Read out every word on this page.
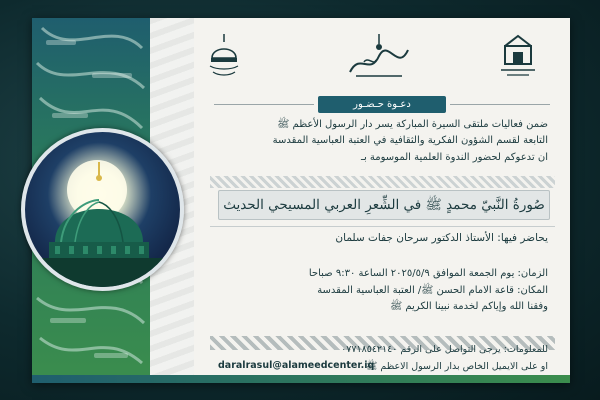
دعـوة حـضـور
ضمن فعاليات ملتقى السيرة المباركة يسر دار الرسول الأعظم ﷺ
التابعة لقسم الشؤون الفكرية والثقافية في العتبة العباسية المقدسة
ان تدعوكم لحضور الندوة العلمية الموسومة بـ
صُورةُ النَّبيّ محمدٍ ﷺ في الشِّعرِ العربي المسيحي الحديث
يحاضر فيها: الأستاذ الدكتور سرحان جفات سلمان
الزمان: يوم الجمعة الموافق ٢٠٢٥/٥/٩ الساعة ٩:٣٠ صباحا
المكان: قاعة الامام الحسن ﷺ/ العتبة العباسية المقدسة
وفقنا الله وإياكم لخدمة نبينا الكريم ﷺ
للمعلومات: يرجى التواصل على الرقم ٠٧٧١٨٥٤٢١٤٠
او على الايميل الخاص بدار الرسول الاعظم ﷺ
daralrasul@alameedcenter.iq
